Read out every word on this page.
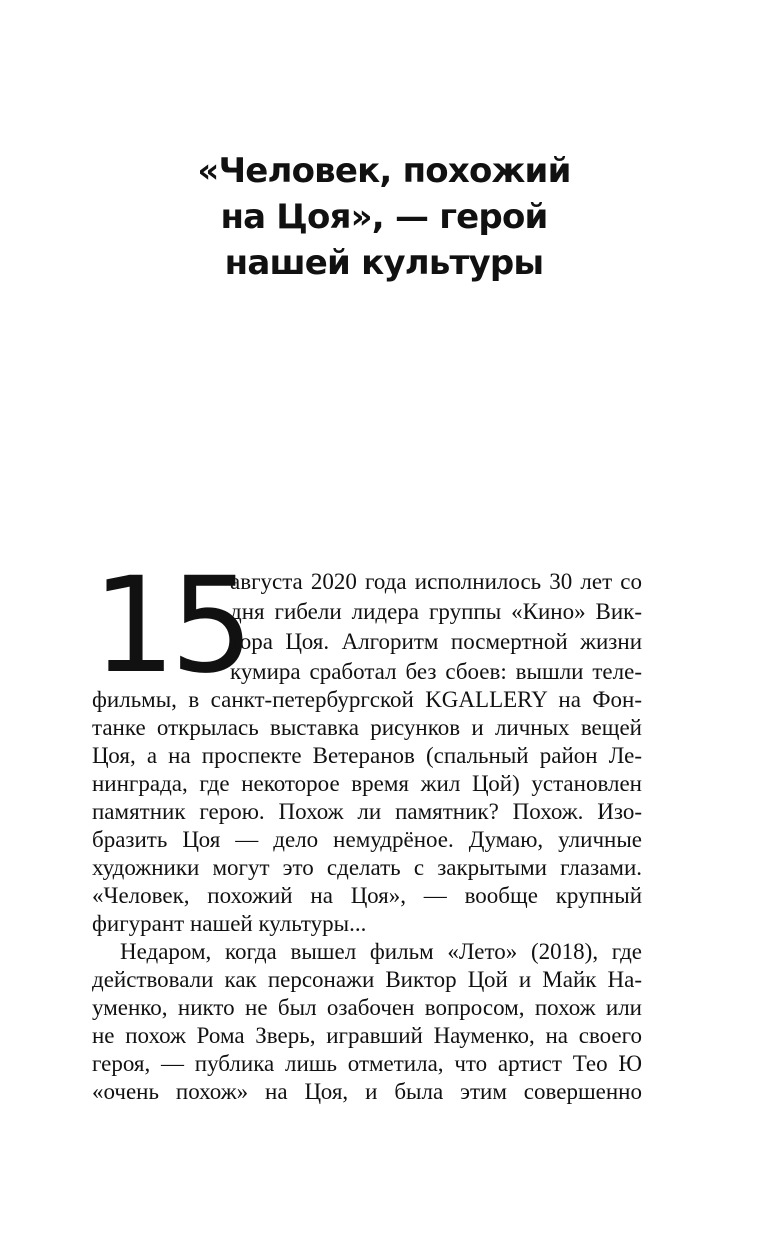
«Человек, похожий
на Цоя», — герой
нашей культуры
15
августа 2020 года исполнилось 30 лет со
дня гибели лидера группы «Кино» Вик-
тора Цоя. Алгоритм посмертной жизни
кумира сработал без сбоев: вышли теле-
фильмы, в санкт-петербургской KGALLERY на Фон-
танке открылась выставка рисунков и личных вещей
Цоя, а на проспекте Ветеранов (спальный район Ле-
нинграда, где некоторое время жил Цой) установлен
памятник герою. Похож ли памятник? Похож. Изо-
бразить Цоя — дело немудрёное. Думаю, уличные
художники могут это сделать с закрытыми глазами.
«Человек, похожий на Цоя», — вообще крупный
фигурант нашей культуры...
Недаром, когда вышел фильм «Лето» (2018), где
действовали как персонажи Виктор Цой и Майк На-
уменко, никто не был озабочен вопросом, похож или
не похож Рома Зверь, игравший Науменко, на своего
героя, — публика лишь отметила, что артист Тео Ю
«очень похож» на Цоя, и была этим совершенно
